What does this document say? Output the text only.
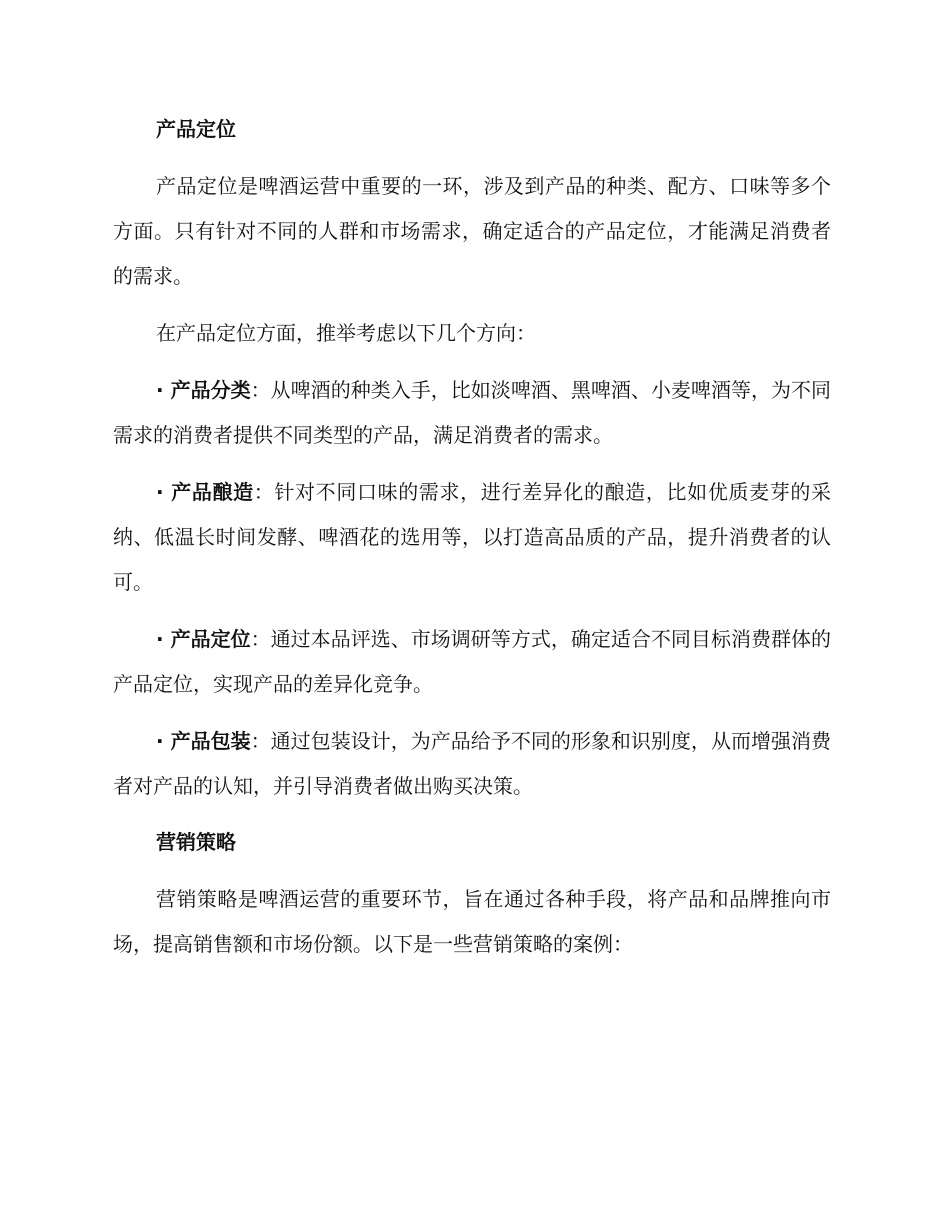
产品定位

产品定位是啤酒运营中重要的一环，涉及到产品的种类、配方、口味等多个方面。只有针对不同的人群和市场需求，确定适合的产品定位，才能满足消费者的需求。

在产品定位方面，推举考虑以下几个方向：

· 产品分类：从啤酒的种类入手，比如淡啤酒、黑啤酒、小麦啤酒等，为不同需求的消费者提供不同类型的产品，满足消费者的需求。

· 产品酿造：针对不同口味的需求，进行差异化的酿造，比如优质麦芽的采纳、低温长时间发酵、啤酒花的选用等，以打造高品质的产品，提升消费者的认可。

· 产品定位：通过本品评选、市场调研等方式，确定适合不同目标消费群体的产品定位，实现产品的差异化竞争。

· 产品包装：通过包装设计，为产品给予不同的形象和识别度，从而增强消费者对产品的认知，并引导消费者做出购买决策。

营销策略

营销策略是啤酒运营的重要环节，旨在通过各种手段，将产品和品牌推向市场，提高销售额和市场份额。以下是一些营销策略的案例：
